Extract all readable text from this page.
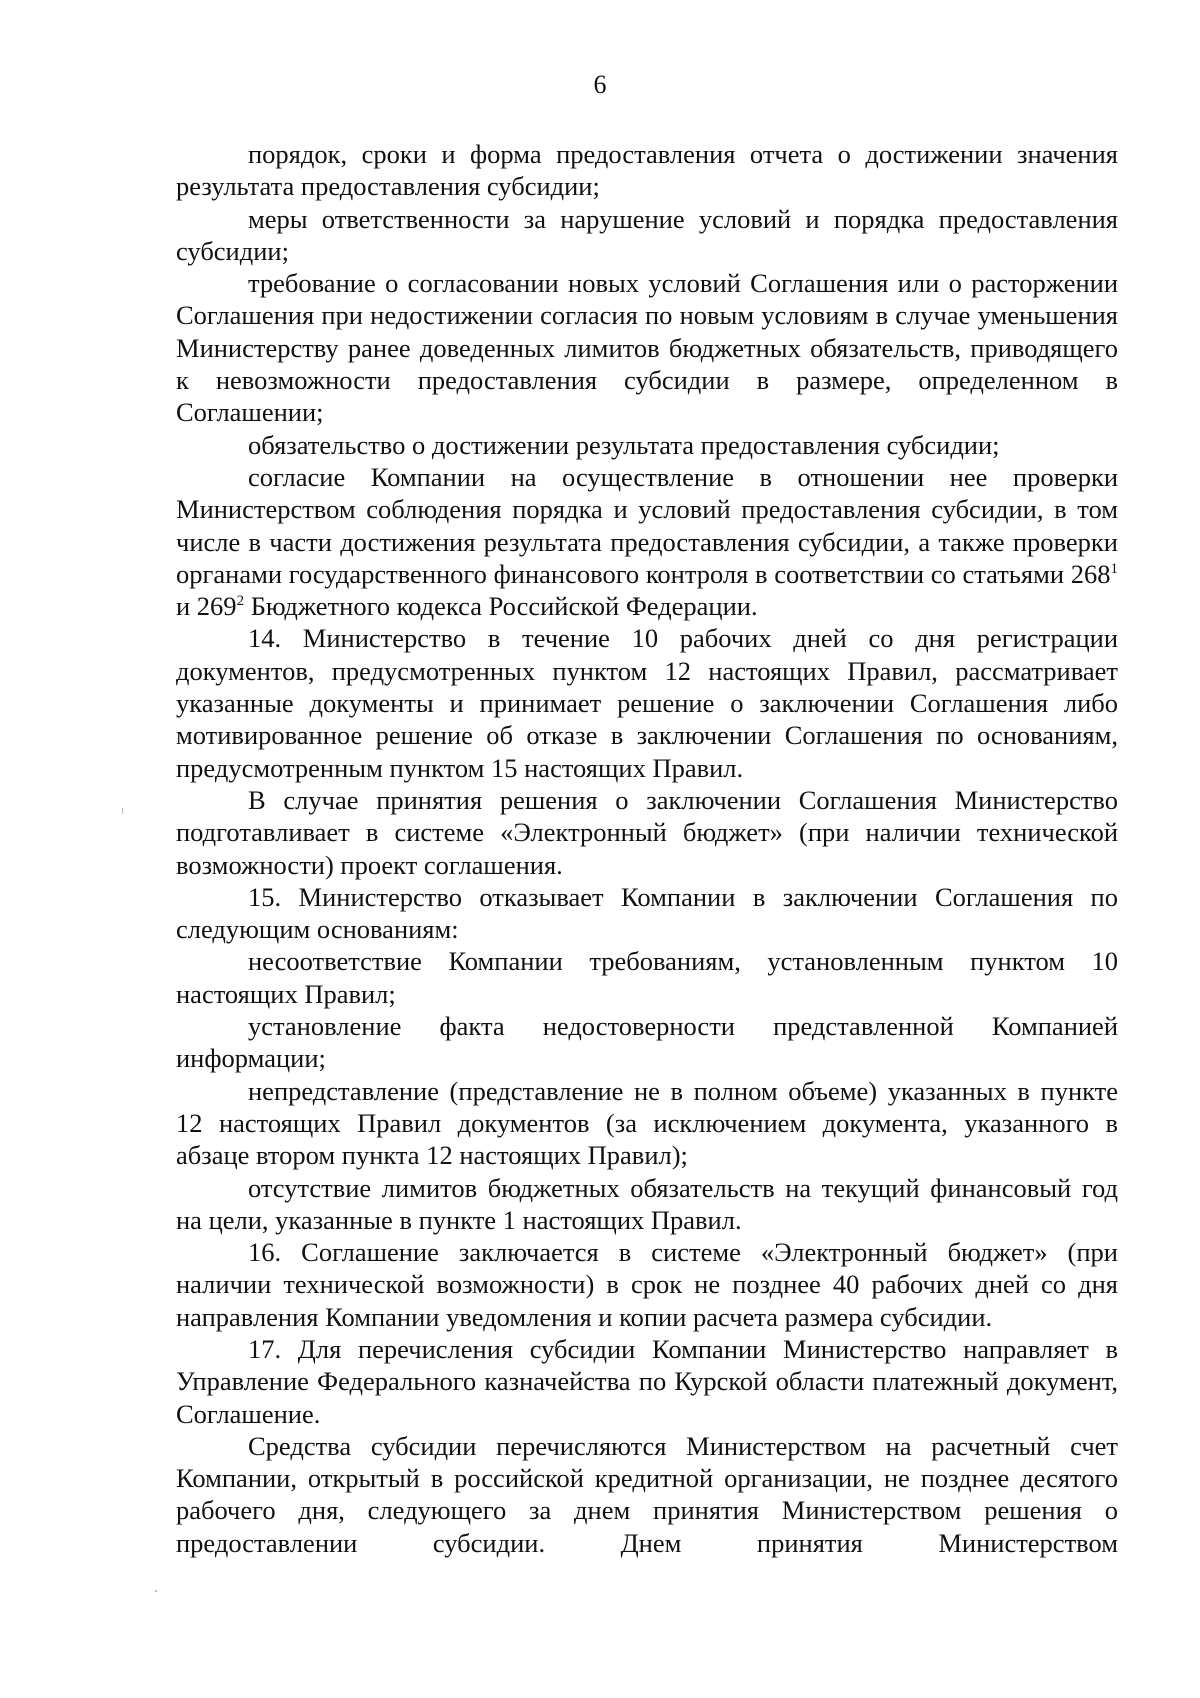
6

порядок, сроки и форма предоставления отчета о достижении значения результата предоставления субсидии;

меры ответственности за нарушение условий и порядка предоставления субсидии;

требование о согласовании новых условий Соглашения или о расторжении Соглашения при недостижении согласия по новым условиям в случае уменьшения Министерству ранее доведенных лимитов бюджетных обязательств, приводящего к невозможности предоставления субсидии в размере, определенном в Соглашении;

обязательство о достижении результата предоставления субсидии;

согласие Компании на осуществление в отношении нее проверки Министерством соблюдения порядка и условий предоставления субсидии, в том числе в части достижения результата предоставления субсидии, а также проверки органами государственного финансового контроля в соответствии со статьями $268^1$ и $269^2$ Бюджетного кодекса Российской Федерации.

14. Министерство в течение 10 рабочих дней со дня регистрации документов, предусмотренных пунктом 12 настоящих Правил, рассматривает указанные документы и принимает решение о заключении Соглашения либо мотивированное решение об отказе в заключении Соглашения по основаниям, предусмотренным пунктом 15 настоящих Правил.

В случае принятия решения о заключении Соглашения Министерство подготавливает в системе «Электронный бюджет» (при наличии технической возможности) проект соглашения.

15. Министерство отказывает Компании в заключении Соглашения по следующим основаниям:

несоответствие Компании требованиям, установленным пунктом 10 настоящих Правил;

установление факта недостоверности представленной Компанией информации;

непредставление (представление не в полном объеме) указанных в пункте 12 настоящих Правил документов (за исключением документа, указанного в абзаце втором пункта 12 настоящих Правил);

отсутствие лимитов бюджетных обязательств на текущий финансовый год на цели, указанные в пункте 1 настоящих Правил.

16. Соглашение заключается в системе «Электронный бюджет» (при наличии технической возможности) в срок не позднее 40 рабочих дней со дня направления Компании уведомления и копии расчета размера субсидии.

17. Для перечисления субсидии Компании Министерство направляет в Управление Федерального казначейства по Курской области платежный документ, Соглашение.

Средства субсидии перечисляются Министерством на расчетный счет Компании, открытый в российской кредитной организации, не позднее десятого рабочего дня, следующего за днем принятия Министерством решения о предоставлении субсидии. Днем принятия Министерством
